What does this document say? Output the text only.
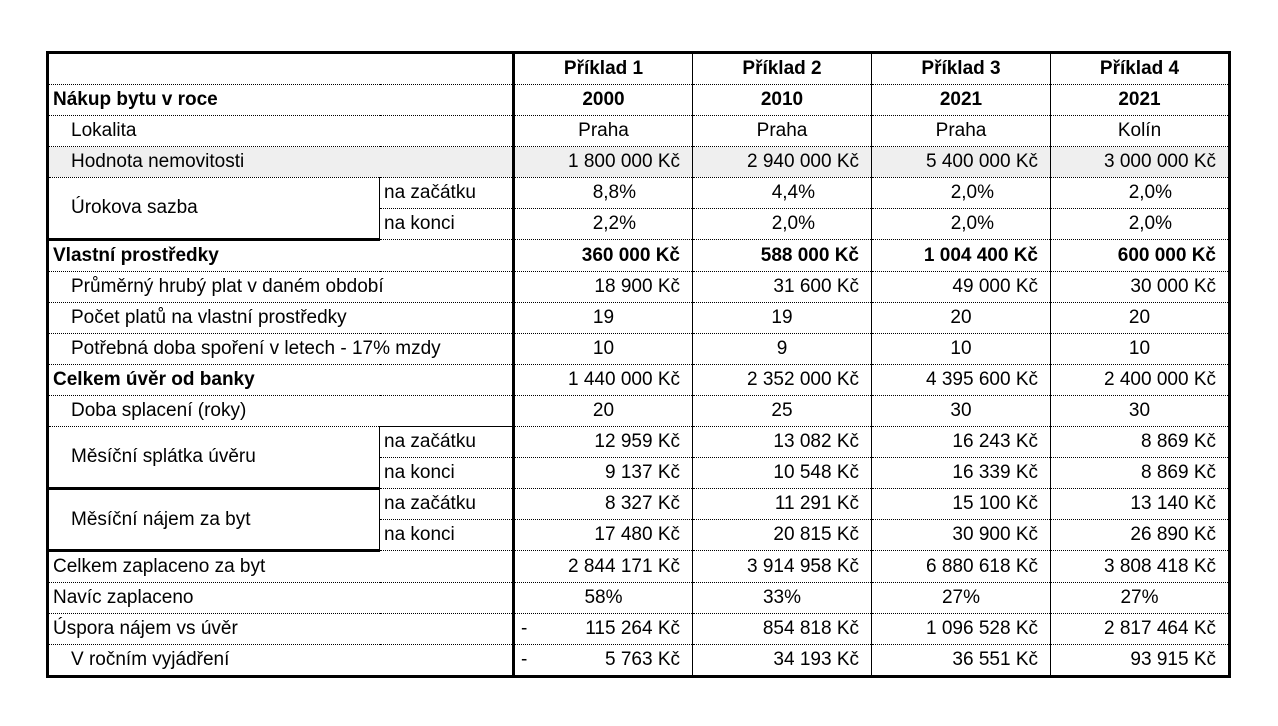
		Příklad 1	Příklad 2	Příklad 3	Příklad 4
Nákup bytu v roce		2000	2010	2021	2021
Lokalita		Praha	Praha	Praha	Kolín
Hodnota nemovitosti		1 800 000 Kč	2 940 000 Kč	5 400 000 Kč	3 000 000 Kč
Úrokova sazba	na začátku	8,8%	4,4%	2,0%	2,0%
	na konci	2,2%	2,0%	2,0%	2,0%
Vlastní prostředky		360 000 Kč	588 000 Kč	1 004 400 Kč	600 000 Kč
Průměrný hrubý plat v daném období		18 900 Kč	31 600 Kč	49 000 Kč	30 000 Kč
Počet platů na vlastní prostředky		19	19	20	20
Potřebná doba spoření v letech - 17% mzdy		10	9	10	10
Celkem úvěr od banky		1 440 000 Kč	2 352 000 Kč	4 395 600 Kč	2 400 000 Kč
Doba splacení (roky)		20	25	30	30
Měsíční splátka úvěru	na začátku	12 959 Kč	13 082 Kč	16 243 Kč	8 869 Kč
	na konci	9 137 Kč	10 548 Kč	16 339 Kč	8 869 Kč
Měsíční nájem za byt	na začátku	8 327 Kč	11 291 Kč	15 100 Kč	13 140 Kč
	na konci	17 480 Kč	20 815 Kč	30 900 Kč	26 890 Kč
Celkem zaplaceno za byt		2 844 171 Kč	3 914 958 Kč	6 880 618 Kč	3 808 418 Kč
Navíc zaplaceno		58%	33%	27%	27%
Úspora nájem vs úvěr		- 115 264 Kč	854 818 Kč	1 096 528 Kč	2 817 464 Kč
V ročním vyjádření		- 5 763 Kč	34 193 Kč	36 551 Kč	93 915 Kč
